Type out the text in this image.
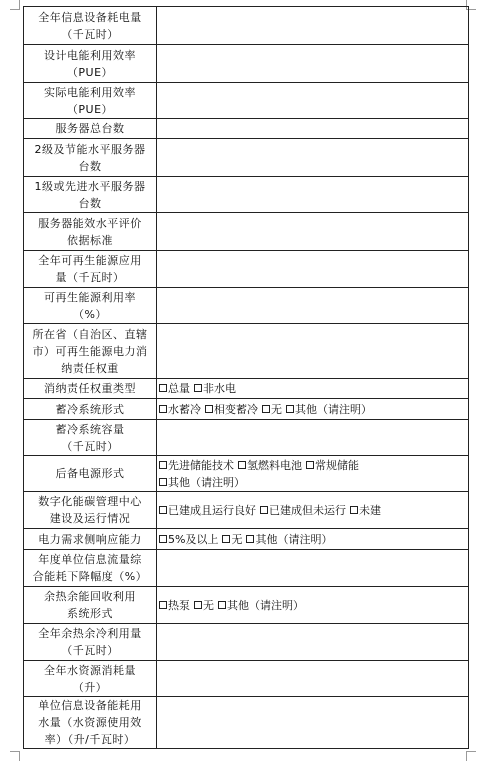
全年信息设备耗电量
（千瓦时）	

设计电能利用效率
（PUE）	

实际电能利用效率
（PUE）	

服务器总台数	

2级及节能水平服务器
台数	

1级或先进水平服务器
台数	

服务器能效水平评价
依据标准	

全年可再生能源应用
量（千瓦时）	

可再生能源利用率
（%）	

所在省（自治区、直辖
市）可再生能源电力消
纳责任权重	

消纳责任权重类型	总量 非水电

蓄冷系统形式	水蓄冷 相变蓄冷 无 其他（请注明）

蓄冷系统容量
（千瓦时）	

后备电源形式	先进储能技术 氢燃料电池 常规储能
其他（请注明）

数字化能碳管理中心
建设及运行情况	已建成且运行良好 已建成但未运行 未建

电力需求侧响应能力	5%及以上 无 其他（请注明）

年度单位信息流量综
合能耗下降幅度（%）	

余热余能回收利用
系统形式	热泵 无 其他（请注明）

全年余热余冷利用量
（千瓦时）	

全年水资源消耗量
（升）	

单位信息设备能耗用
水量（水资源使用效
率）（升/千瓦时）	
